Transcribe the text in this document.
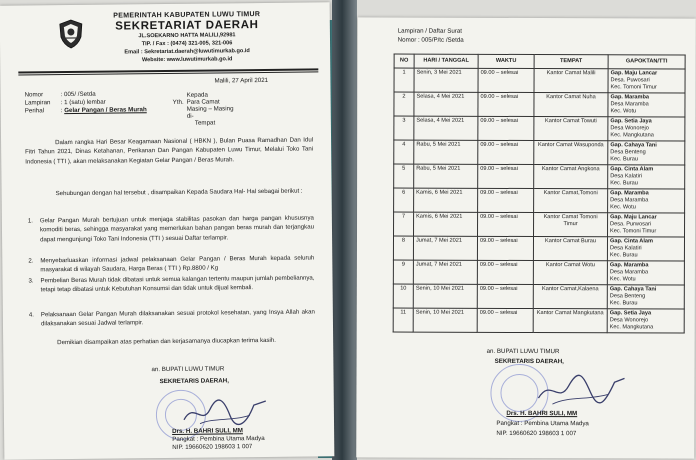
PEMERINTAH KABUPATEN LUWU TIMUR
SEKRETARIAT DAERAH
JL.SOEKARNO HATTA MALILI,92981
TIP. / Fax : (0474) 321-005, 321-006
Email : Sekretariat.daerah@luwutimurkab.go.id
Website: www.luwutimurkab.go.id
Malili, 27 April 2021
Nomor	: 005/ /Setda
Lampiran : 1 (satu) lembar
Perihal	: Gelar Pangan / Beras Murah
Kepada
Yth. Para Camat
Masing – Masing
di-
Tempat
Dalam rangka Hari Besar Keagamaan Nasional ( HBKN ), Bulan Puasa Ramadhan Dan Idul Fitri Tahun 2021, Dinas Ketahanan, Perikanan Dan Pangan Kabupaten Luwu Timur, Melalui Toko Tani Indonesia ( TTI ), akan melaksanakan Kegiatan Gelar Pangan / Beras Murah.
Sehubungan dengan hal tersebut , disampaikan Kepada Saudara Hal- Hal sebagai berikut :
1. Gelar Pangan Murah bertujuan untuk menjaga stabilitas pasokan dan harga pangan khususnya komoditi beras, sehingga masyarakat yang memerlukan bahan pangan beras murah dan terjangkau dapat mengunjungi Toko Tani Indonesia (TTI ) sesuai Daftar terlampir.
2. Menyebarluaskan informasi jadwal pelaksanaan Gelar Pangan / Beras Murah kepada seluruh masyarakat di wilayah Saudara, Harga Beras ( TTI ) Rp.8800 / Kg
3. Pembelian Beras Murah tidak dibatasi untuk semua kalangan tertentu maupun jumlah pembeliannya, tetapi tetap dibatasi untuk Kebutuhan Konsumsi dan tidak untuk dijual kembali.
4. Pelaksanaan Gelar Pangan Murah dilaksanakan sesuai protokol kesehatan, yang Insya Allah akan dilaksanakan sesuai Jadwal terlampir.
Demikian disampaikan atas perhatian dan kerjasamanya diucapkan terima kasih.
an. BUPATI LUWU TIMUR
SEKRETARIS DAERAH,
Drs. H. BAHRI SULI, MM
Pangkat : Pembina Utama Madya
NIP. 19660620 198603 1 007
Lampiran / Daftar Surat
Nomor : 005/P/tc /Setda
NO	HARI / TANGGAL	WAKTU	TEMPAT	GAPOKTAN/TTI
1	Senin, 3 Mei 2021	09.00 – selesai	Kantor Camat Malili	Gap. Maju Lancar
Desa. Puwosari
Kec. Tomoni Timur

2	Selasa, 4 Mei 2021	09.00 – selesai	Kantor Camat Nuha	Gap. Maramba
Desa Maramba
Kec. Wotu

3	Selasa, 4 Mei 2021	09.00 – selesai	Kantor Camat Towuti	Gap. Setia Jaya
Desa Wonorejo
Kec. Mangkutana

4	Rabu, 5 Mei 2021	09.00 – selesai	Kantor Camat Wasuponda	Gap. Cahaya Tani
Desa Benteng
Kec. Burau

5	Rabu, 5 Mei 2021	09.00 – selesai	Kantor Camat Angkona	Gap. Cinta Alam
Desa Kalatiri
Kec. Burau

6	Kamis, 6 Mei 2021	09.00 – selesai	Kantor Camat,Tomoni	Gap. Maramba
Desa Maramba
Kec. Wotu

7	Kamis, 6 Mei 2021	09.00 – selesai	Kantor Camat Tomoni Timur	Gap. Maju Lancar
Desa. Purwosari
Kec. Tomoni Timur

8	Jumat, 7 Mei 2021	09.00 – selesai	Kantor Camat Burau	Gap. Cinta Alam
Desa Kalatiri
Kec. Burau

9	Jumat, 7 Mei 2021	09.00 – selesai	Kantor Camat Wotu	Gap. Maramba
Desa Maramba
Kec. Wotu

10	Senin, 10 Mei 2021	09.00 – selesai	Kantor Camat,Kalaena	Gap. Cahaya Tani
Desa Benteng
Kec. Burau

11	Senin, 10 Mei 2021	09.00 – selesai	Kantor Camat Mangkutana	Gap. Setia Jaya
Desa Wonorejo
Kec. Mangkutana
an. BUPATI LUWU TIMUR
SEKRETARIS DAERAH,
Drs. H. BAHRI SULI, MM
Pangkat : Pembina Utama Madya
NIP. 19660620 198603 1 007
